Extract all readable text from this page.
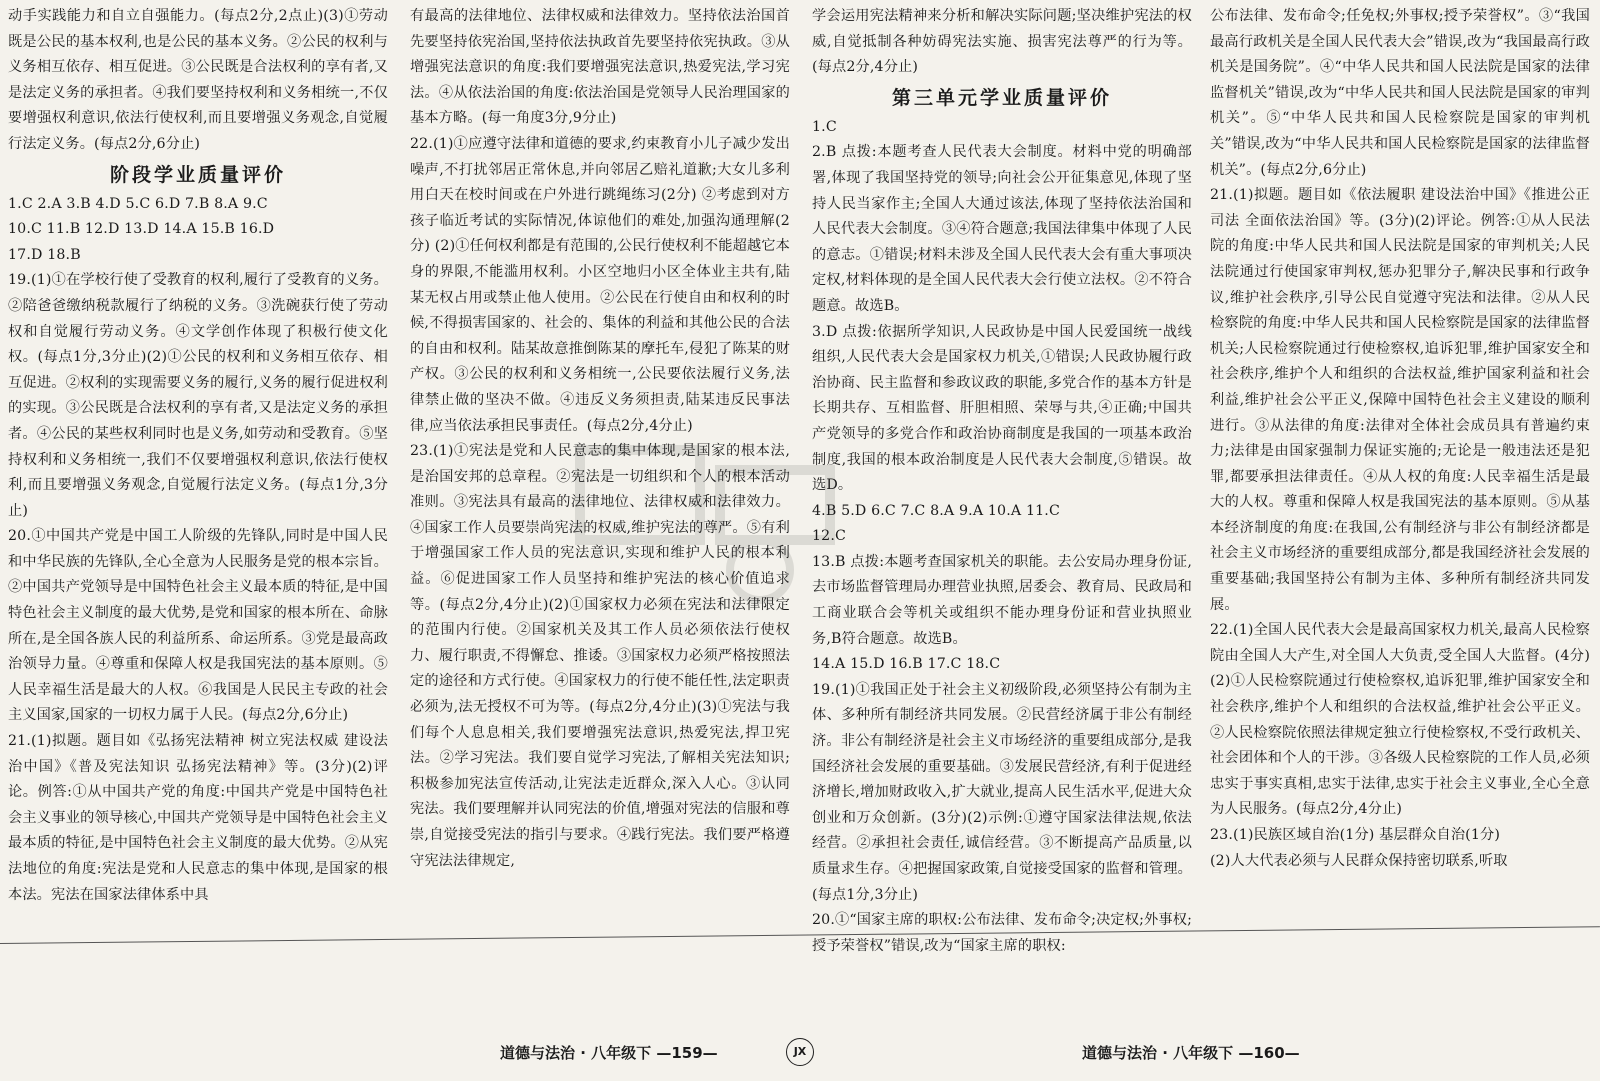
动手实践能力和自立自强能力。(每点2分,2点止)(3)①劳动既是公民的基本权利,也是公民的基本义务。②公民的权利与义务相互依存、相互促进。③公民既是合法权利的享有者,又是法定义务的承担者。④我们要坚持权利和义务相统一,不仅要增强权利意识,依法行使权利,而且要增强义务观念,自觉履行法定义务。(每点2分,6分止)

阶段学业质量评价

1.C 2.A 3.B 4.D 5.C 6.D 7.B 8.A 9.C

10.C 11.B 12.D 13.D 14.A 15.B 16.D

17.D 18.B

19.(1)①在学校行使了受教育的权利,履行了受教育的义务。②陪爸爸缴纳税款履行了纳税的义务。③洗碗获行使了劳动权和自觉履行劳动义务。④文学创作体现了积极行使文化权。(每点1分,3分止)(2)①公民的权利和义务相互依存、相互促进。②权利的实现需要义务的履行,义务的履行促进权利的实现。③公民既是合法权利的享有者,又是法定义务的承担者。④公民的某些权利同时也是义务,如劳动和受教育。⑤坚持权利和义务相统一,我们不仅要增强权利意识,依法行使权利,而且要增强义务观念,自觉履行法定义务。(每点1分,3分止)

20.①中国共产党是中国工人阶级的先锋队,同时是中国人民和中华民族的先锋队,全心全意为人民服务是党的根本宗旨。②中国共产党领导是中国特色社会主义最本质的特征,是中国特色社会主义制度的最大优势,是党和国家的根本所在、命脉所在,是全国各族人民的利益所系、命运所系。③党是最高政治领导力量。④尊重和保障人权是我国宪法的基本原则。⑤人民幸福生活是最大的人权。⑥我国是人民民主专政的社会主义国家,国家的一切权力属于人民。(每点2分,6分止)

21.(1)拟题。题目如《弘扬宪法精神 树立宪法权威 建设法治中国》《普及宪法知识 弘扬宪法精神》等。(3分)(2)评论。例答:①从中国共产党的角度:中国共产党是中国特色社会主义事业的领导核心,中国共产党领导是中国特色社会主义最本质的特征,是中国特色社会主义制度的最大优势。②从宪法地位的角度:宪法是党和人民意志的集中体现,是国家的根本法。宪法在国家法律体系中具

有最高的法律地位、法律权威和法律效力。坚持依法治国首先要坚持依宪治国,坚持依法执政首先要坚持依宪执政。③从增强宪法意识的角度:我们要增强宪法意识,热爱宪法,学习宪法。④从依法治国的角度:依法治国是党领导人民治理国家的基本方略。(每一角度3分,9分止)

22.(1)①应遵守法律和道德的要求,约束教育小儿子减少发出噪声,不打扰邻居正常休息,并向邻居乙赔礼道歉;大女儿多利用白天在校时间或在户外进行跳绳练习(2分) ②考虑到对方孩子临近考试的实际情况,体谅他们的难处,加强沟通理解(2分) (2)①任何权利都是有范围的,公民行使权利不能超越它本身的界限,不能滥用权利。小区空地归小区全体业主共有,陆某无权占用或禁止他人使用。②公民在行使自由和权利的时候,不得损害国家的、社会的、集体的利益和其他公民的合法的自由和权利。陆某故意推倒陈某的摩托车,侵犯了陈某的财产权。③公民的权利和义务相统一,公民要依法履行义务,法律禁止做的坚决不做。④违反义务须担责,陆某违反民事法律,应当依法承担民事责任。(每点2分,4分止)

23.(1)①宪法是党和人民意志的集中体现,是国家的根本法,是治国安邦的总章程。②宪法是一切组织和个人的根本活动准则。③宪法具有最高的法律地位、法律权威和法律效力。④国家工作人员要崇尚宪法的权威,维护宪法的尊严。⑤有利于增强国家工作人员的宪法意识,实现和维护人民的根本利益。⑥促进国家工作人员坚持和维护宪法的核心价值追求等。(每点2分,4分止)(2)①国家权力必须在宪法和法律限定的范围内行使。②国家机关及其工作人员必须依法行使权力、履行职责,不得懈怠、推诿。③国家权力必须严格按照法定的途径和方式行使。④国家权力的行使不能任性,法定职责必须为,法无授权不可为等。(每点2分,4分止)(3)①宪法与我们每个人息息相关,我们要增强宪法意识,热爱宪法,捍卫宪法。②学习宪法。我们要自觉学习宪法,了解相关宪法知识;积极参加宪法宣传活动,让宪法走近群众,深入人心。③认同宪法。我们要理解并认同宪法的价值,增强对宪法的信服和尊崇,自觉接受宪法的指引与要求。④践行宪法。我们要严格遵守宪法法律规定,

学会运用宪法精神来分析和解决实际问题;坚决维护宪法的权威,自觉抵制各种妨碍宪法实施、损害宪法尊严的行为等。(每点2分,4分止)

第三单元学业质量评价

1.C

2.B 点拨:本题考查人民代表大会制度。材料中党的明确部署,体现了我国坚持党的领导;向社会公开征集意见,体现了坚持人民当家作主;全国人大通过该法,体现了坚持依法治国和人民代表大会制度。③④符合题意;我国法律集中体现了人民的意志。①错误;材料未涉及全国人民代表大会有重大事项决定权,材料体现的是全国人民代表大会行使立法权。②不符合题意。故选B。

3.D 点拨:依据所学知识,人民政协是中国人民爱国统一战线组织,人民代表大会是国家权力机关,①错误;人民政协履行政治协商、民主监督和参政议政的职能,多党合作的基本方针是长期共存、互相监督、肝胆相照、荣辱与共,④正确;中国共产党领导的多党合作和政治协商制度是我国的一项基本政治制度,我国的根本政治制度是人民代表大会制度,⑤错误。故选D。

4.B 5.D 6.C 7.C 8.A 9.A 10.A 11.C

12.C

13.B 点拨:本题考查国家机关的职能。去公安局办理身份证,去市场监督管理局办理营业执照,居委会、教育局、民政局和工商业联合会等机关或组织不能办理身份证和营业执照业务,B符合题意。故选B。

14.A 15.D 16.B 17.C 18.C

19.(1)①我国正处于社会主义初级阶段,必须坚持公有制为主体、多种所有制经济共同发展。②民营经济属于非公有制经济。非公有制经济是社会主义市场经济的重要组成部分,是我国经济社会发展的重要基础。③发展民营经济,有利于促进经济增长,增加财政收入,扩大就业,提高人民生活水平,促进大众创业和万众创新。(3分)(2)示例:①遵守国家法律法规,依法经营。②承担社会责任,诚信经营。③不断提高产品质量,以质量求生存。④把握国家政策,自觉接受国家的监督和管理。(每点1分,3分止)

20.①“国家主席的职权:公布法律、发布命令;决定权;外事权;授予荣誉权”错误,改为“国家主席的职权:

公布法律、发布命令;任免权;外事权;授予荣誉权”。③“我国最高行政机关是全国人民代表大会”错误,改为“我国最高行政机关是国务院”。④“中华人民共和国人民法院是国家的法律监督机关”错误,改为“中华人民共和国人民法院是国家的审判机关”。⑤“中华人民共和国人民检察院是国家的审判机关”错误,改为“中华人民共和国人民检察院是国家的法律监督机关”。(每点2分,6分止)

21.(1)拟题。题目如《依法履职 建设法治中国》《推进公正司法 全面依法治国》等。(3分)(2)评论。例答:①从人民法院的角度:中华人民共和国人民法院是国家的审判机关;人民法院通过行使国家审判权,惩办犯罪分子,解决民事和行政争议,维护社会秩序,引导公民自觉遵守宪法和法律。②从人民检察院的角度:中华人民共和国人民检察院是国家的法律监督机关;人民检察院通过行使检察权,追诉犯罪,维护国家安全和社会秩序,维护个人和组织的合法权益,维护国家利益和社会利益,维护社会公平正义,保障中国特色社会主义建设的顺利进行。③从法律的角度:法律对全体社会成员具有普遍约束力;法律是由国家强制力保证实施的;无论是一般违法还是犯罪,都要承担法律责任。④从人权的角度:人民幸福生活是最大的人权。尊重和保障人权是我国宪法的基本原则。⑤从基本经济制度的角度:在我国,公有制经济与非公有制经济都是社会主义市场经济的重要组成部分,都是我国经济社会发展的重要基础;我国坚持公有制为主体、多种所有制经济共同发展。

22.(1)全国人民代表大会是最高国家权力机关,最高人民检察院由全国人大产生,对全国人大负责,受全国人大监督。(4分)(2)①人民检察院通过行使检察权,追诉犯罪,维护国家安全和社会秩序,维护个人和组织的合法权益,维护社会公平正义。②人民检察院依照法律规定独立行使检察权,不受行政机关、社会团体和个人的干涉。③各级人民检察院的工作人员,必须忠实于事实真相,忠实于法律,忠实于社会主义事业,全心全意为人民服务。(每点2分,4分止)

23.(1)民族区域自治(1分) 基层群众自治(1分)

(2)人大代表必须与人民群众保持密切联系,听取

道德与法治 · 八年级下 —159—	JX	道德与法治 · 八年级下 —160—
